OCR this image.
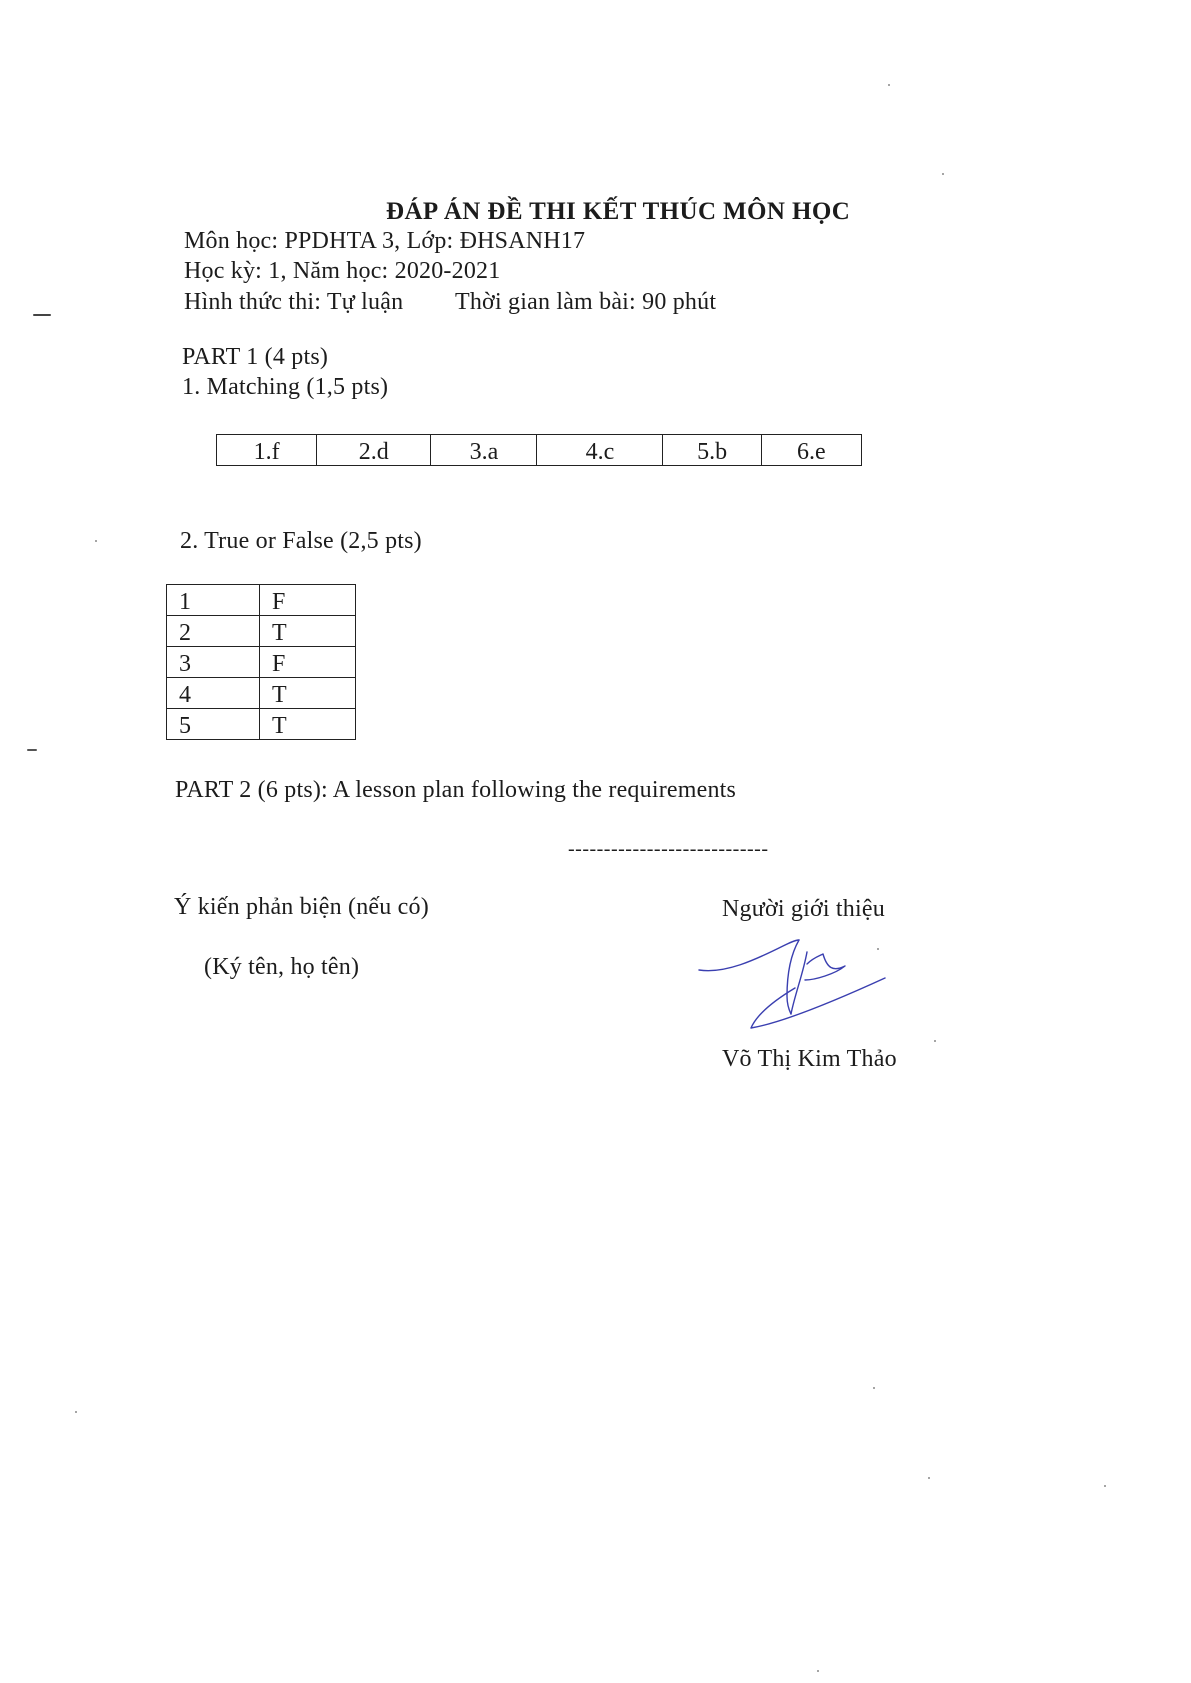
ĐÁP ÁN ĐỀ THI KẾT THÚC MÔN HỌC
Môn học: PPDHTA 3, Lớp: ĐHSANH17
Học kỳ: 1, Năm học: 2020-2021
Hình thức thi: Tự luận Thời gian làm bài: 90 phút
PART 1 (4 pts)
1. Matching (1,5 pts)
1.f	2.d	3.a	4.c	5.b	6.e
2. True or False (2,5 pts)
1	F
2	T
3	F
4	T
5	T
PART 2 (6 pts): A lesson plan following the requirements
----------------------------
Ý kiến phản biện (nếu có)
(Ký tên, họ tên)
Người giới thiệu
Võ Thị Kim Thảo
